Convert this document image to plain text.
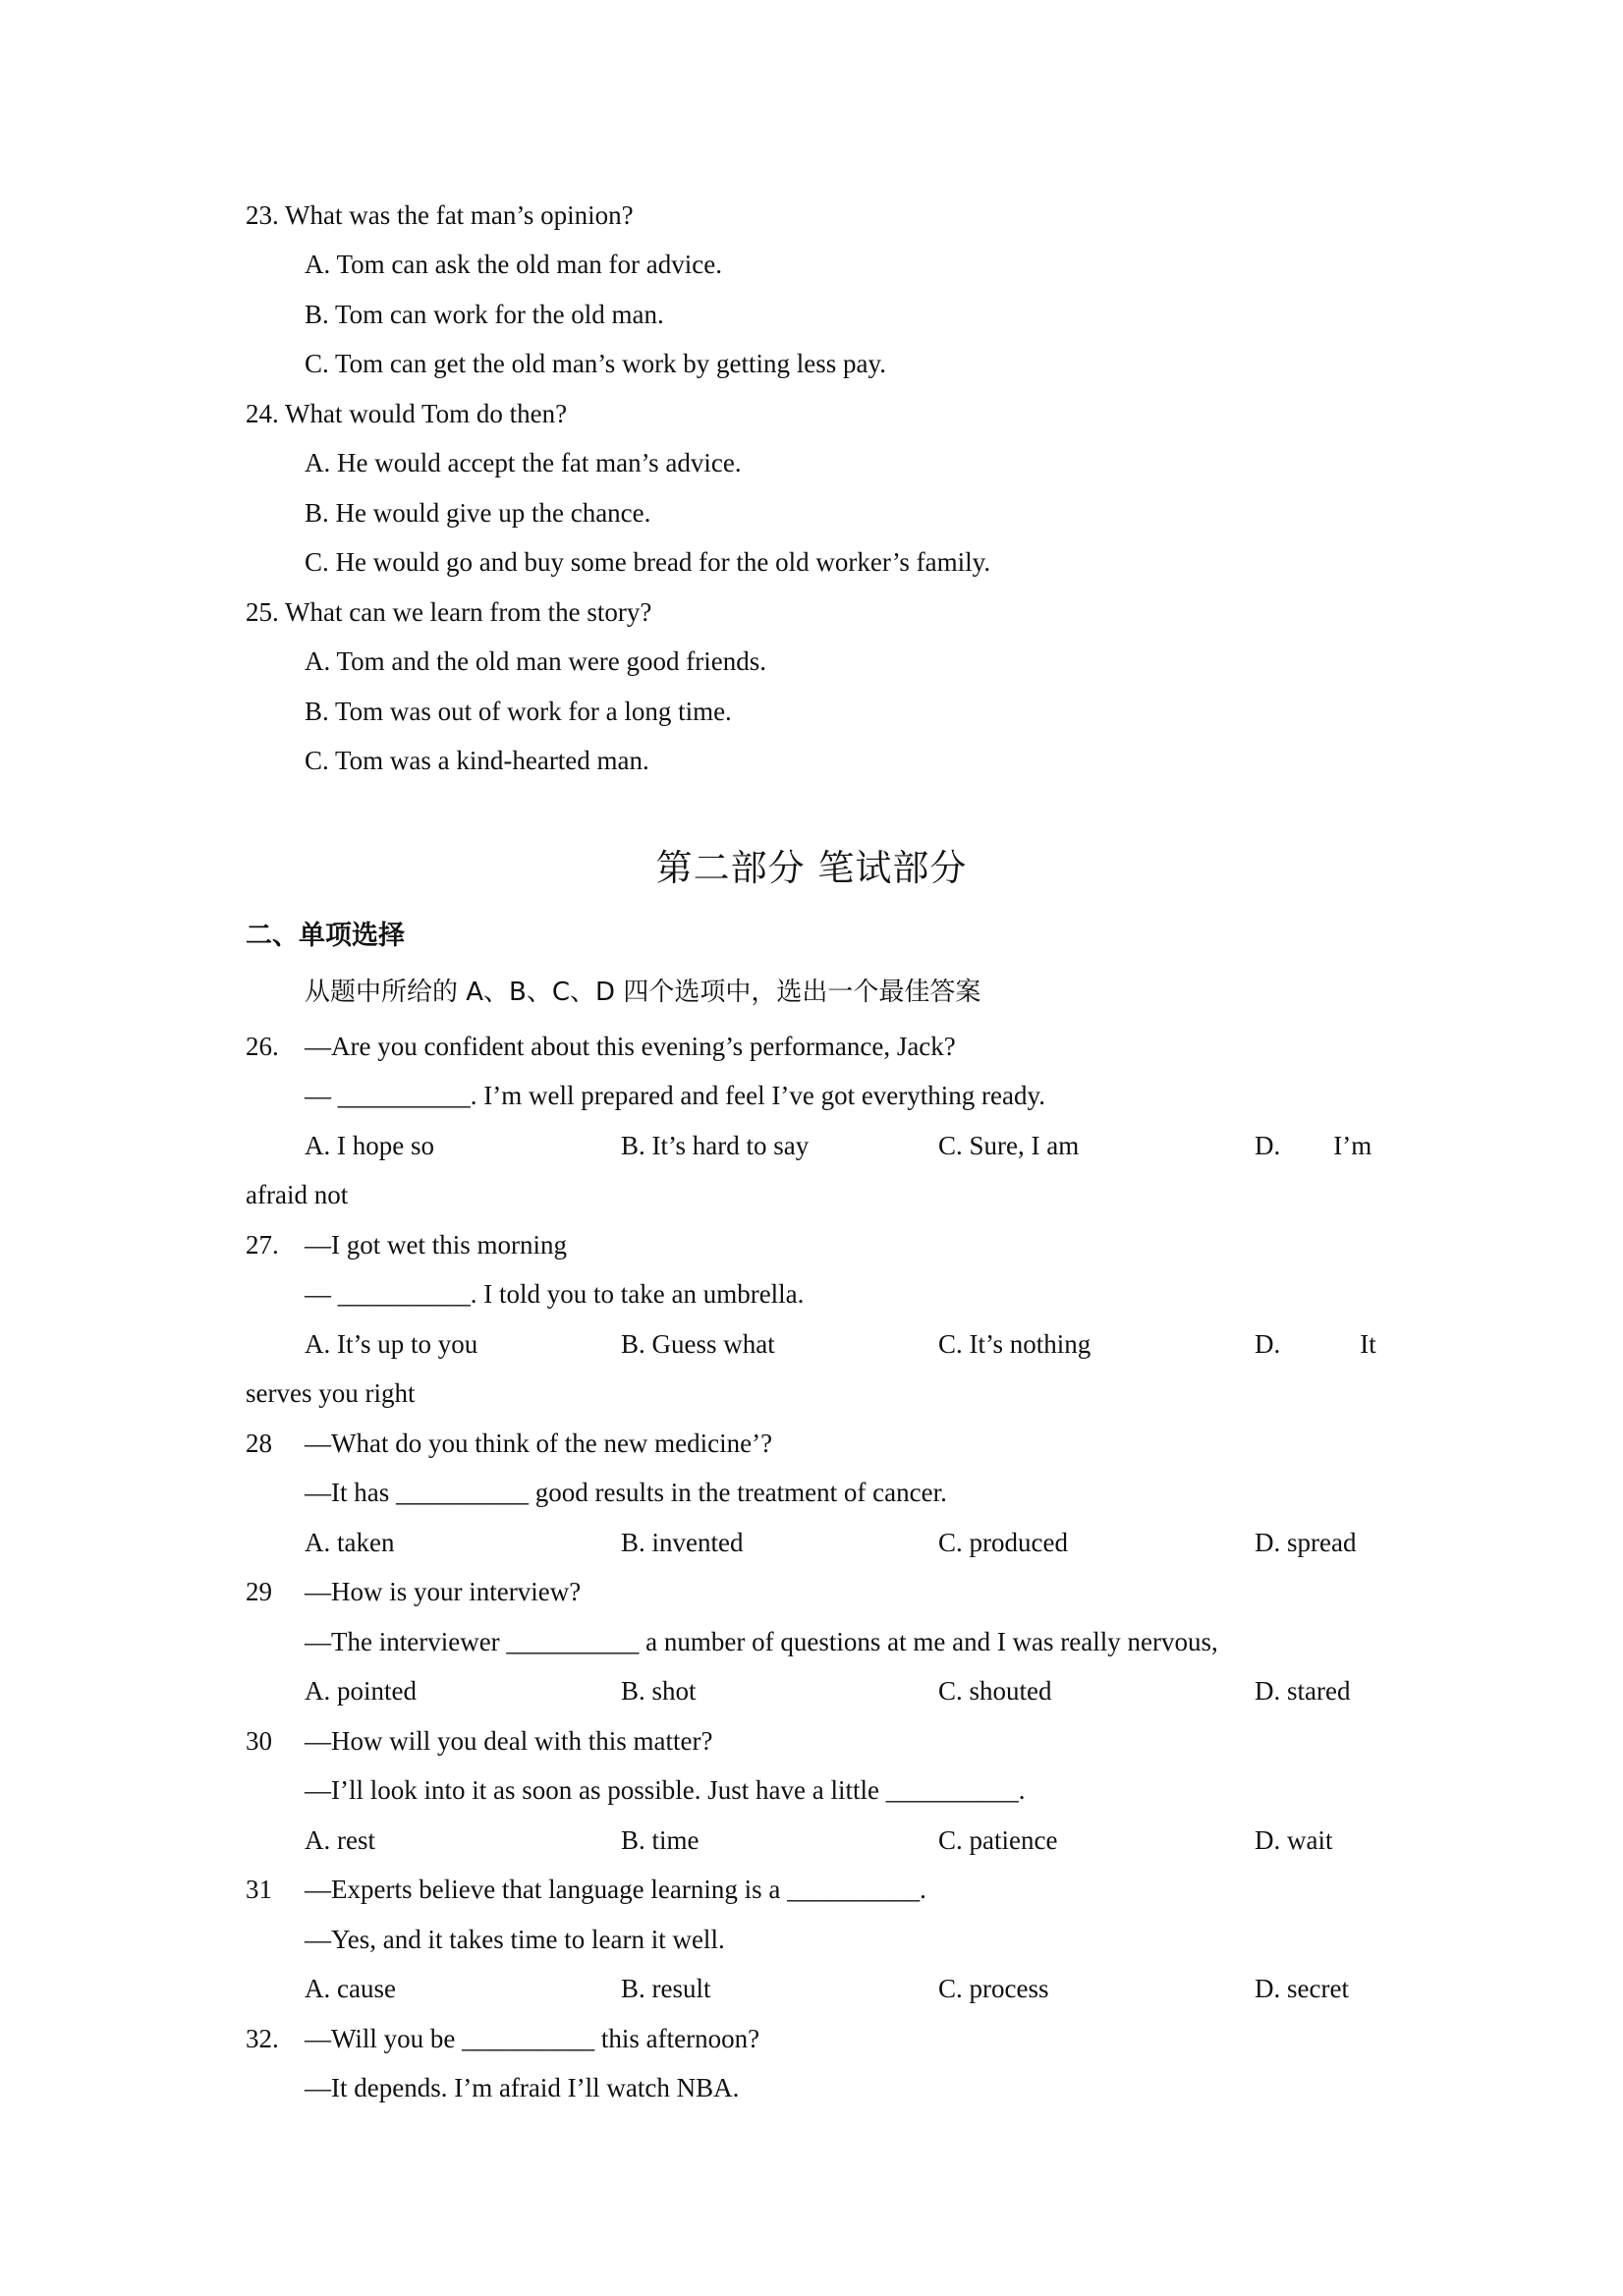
23. What was the fat man’s opinion?
A. Tom can ask the old man for advice.
B. Tom can work for the old man.
C. Tom can get the old man’s work by getting less pay.
24. What would Tom do then?
A. He would accept the fat man’s advice.
B. He would give up the chance.
C. He would go and buy some bread for the old worker’s family.
25. What can we learn from the story?
A. Tom and the old man were good friends.
B. Tom was out of work for a long time.
C. Tom was a kind-hearted man.
第二部分 笔试部分
二、单项选择
从题中所给的 A、B、C、D 四个选项中，选出一个最佳答案
26. —Are you confident about this evening’s performance, Jack?
— __________. I’m well prepared and feel I’ve got everything ready.
A. I hope so	B. It’s hard to say	C. Sure, I am	D.        I’m
afraid not
27. —I got wet this morning
— __________. I told you to take an umbrella.
A. It’s up to you	B. Guess what	C. It’s nothing	D.            It
serves you right
28 —What do you think of the new medicine’?
—It has __________ good results in the treatment of cancer.
A. taken	B. invented	C. produced	D. spread
29 —How is your interview?
—The interviewer __________ a number of questions at me and I was really nervous,
A. pointed	B. shot	C. shouted	D. stared
30 —How will you deal with this matter?
—I’ll look into it as soon as possible. Just have a little __________.
A. rest	B. time	C. patience	D. wait
31 —Experts believe that language learning is a __________.
—Yes, and it takes time to learn it well.
A. cause	B. result	C. process	D. secret
32. —Will you be __________ this afternoon?
—It depends. I’m afraid I’ll watch NBA.
